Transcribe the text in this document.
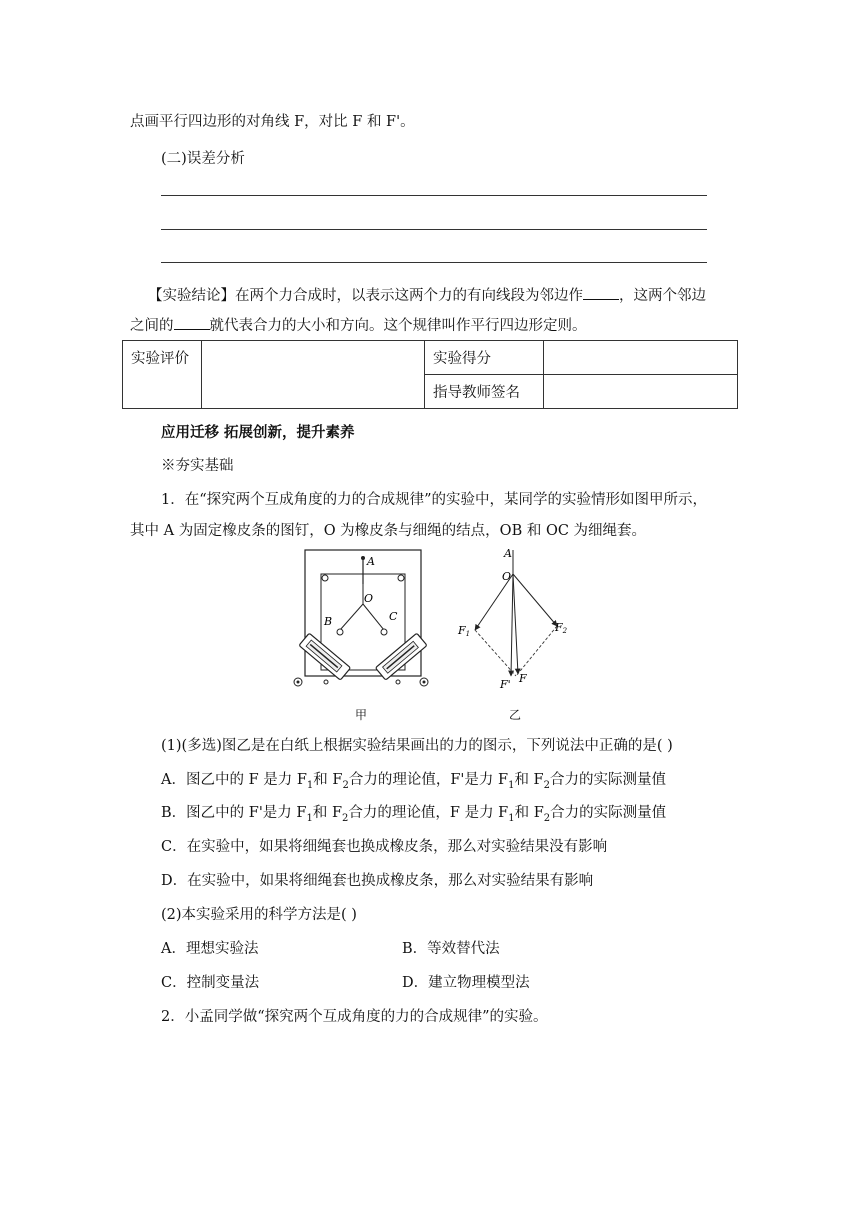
点画平行四边形的对角线 F，对比 F 和 F'。
(二)误差分析
【实验结论】在两个力合成时，以表示这两个力的有向线段为邻边作 ，这两个邻边
之间的 就代表合力的大小和方向。这个规律叫作平行四边形定则。
实验评价		实验得分	
		指导教师签名	
应用迁移 拓展创新，提升素养
※夯实基础
1．在“探究两个互成角度的力的合成规律”的实验中，某同学的实验情形如图甲所示，
其中 A 为固定橡皮条的图钉，O 为橡皮条与细绳的结点，OB 和 OC 为细绳套。
A
O
B	C
甲
A
O
F1	F2
F' F
乙
(1)(多选)图乙是在白纸上根据实验结果画出的力的图示，下列说法中正确的是( )
A．图乙中的 F 是力 $F_1$和 $F_2$合力的理论值，F'是力 $F_1$和 $F_2$合力的实际测量值
B．图乙中的 F'是力 $F_1$和 $F_2$合力的理论值，F 是力 $F_1$和 $F_2$合力的实际测量值
C．在实验中，如果将细绳套也换成橡皮条，那么对实验结果没有影响
D．在实验中，如果将细绳套也换成橡皮条，那么对实验结果有影响
(2)本实验采用的科学方法是( )
A．理想实验法	B．等效替代法
C．控制变量法	D．建立物理模型法
2．小孟同学做“探究两个互成角度的力的合成规律”的实验。
